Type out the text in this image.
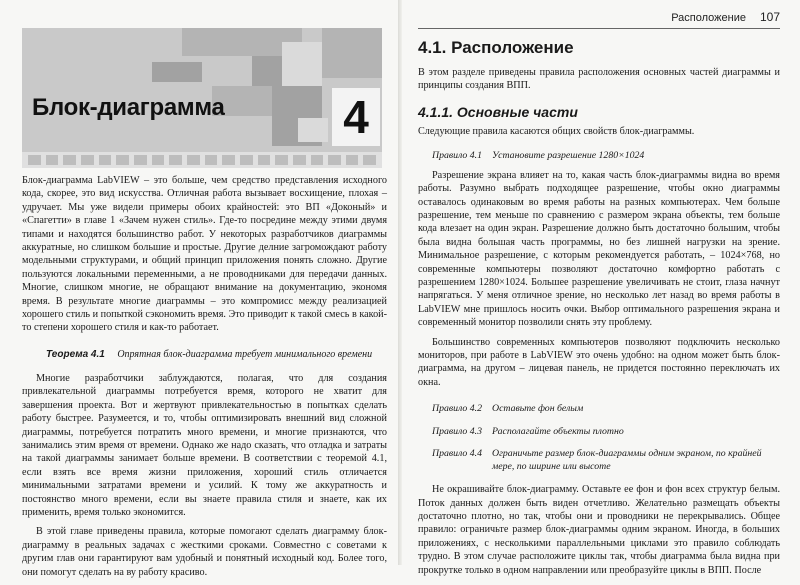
Блок-диаграмма	4

Блок-диаграмма LabVIEW – это больше, чем средство представления исходного кода, скорее, это вид искусства. Отличная работа вызывает восхищение, плохая – удручает. Мы уже видели примеры обоих крайностей: это ВП «Доконый» и «Спагетти» в главе 1 «Зачем нужен стиль». Где-то посредине между этими двумя типами и находятся большинство работ. У некоторых разработчиков диаграммы аккуратные, но слишком большие и простые. Другие делние загромождают работу модельными структурами, и общий принцип приложения понять сложно. Другие пользуются локальными переменными, а не проводниками для передачи данных. Многие, слишком многие, не обращают внимание на документацию, экономя время. В результате многие диаграммы – это компромисс между реализацией хорошего стиль и попыткой сэкономить время. Это приводит к такой смесь в какой-то степени хорошего стиля и как-то работает.

Теорема 4.1 Опрятная блок-диаграмма требует минимального времени

Многие разработчики заблуждаются, полагая, что для создания привлекательной диаграммы потребуется время, которого не хватит для завершения проекта. Вот и жертвуют привлекательностью в попытках сделать работу быстрее. Разумеется, и то, чтобы оптимизировать внешний вид сложной диаграммы, потребуется потратить много времени, и многие признаются, что занимались этим время от времени. Однако же надо сказать, что отладка и затраты на такой диаграммы занимает больше времени. В соответствии с теоремой 4.1, если взять все время жизни приложения, хороший стиль отличается минимальными затратами времени и усилий. К тому же аккуратность и постоянство много времени, если вы знаете правила стиля и знаете, как их применить, время только экономится.

В этой главе приведены правила, которые помогают сделать диаграмму блок-диаграмму в реальных задачах с жесткими сроками. Совместно с советами к другим глав они гарантируют вам удобный и понятный исходный код. Более того, они помогут сделать на ву работу красиво.

Расположение 107
4.1. Расположение

В этом разделе приведены правила расположения основных частей диаграммы и принципы создания ВПП.

Следующие правила касаются общих свойств блок-диаграммы.

Правило 4.1	Установите разрешение 1280×1024

Разрешение экрана влияет на то, какая часть блок-диаграммы видна во время работы. Разумно выбрать подходящее разрешение, чтобы окно диаграммы оставалось одинаковым во время работы на разных компьютерах. Чем больше разрешение, тем меньше по сравнению с размером экрана объекты, тем больше кода влезает на один экран. Разрешение должно быть достаточно большим, чтобы была видна большая часть программы, но без лишней нагрузки на зрение. Минимальное разрешение, с которым рекомендуется работать, – 1024×768, но современные компьютеры позволяют достаточно комфортно работать с разрешением 1280×1024. Большее разрешение увеличивать не стоит, глаза начнут напрягаться. У меня отличное зрение, но несколько лет назад во время работы в LabVIEW мне пришлось носить очки. Выбор оптимального разрешения экрана и современный монитор позволили снять эту проблему.

Большинство современных компьютеров позволяют подключить несколько мониторов, при работе в LabVIEW это очень удобно: на одном может быть блок-диаграмма, на другом – лицевая панель, не придется постоянно переключать их окна.

Правило 4.2	Оставьте фон белым
Правило 4.3	Располагайте объекты плотно
Правило 4.4	Ограничьте размер блок-диаграммы одним экраном, по крайней мере, по ширине или высоте

Не окрашивайте блок-диаграмму. Оставьте ее фон и фон всех структур белым. Поток данных должен быть виден отчетливо. Желательно размещать объекты достаточно плотно, но так, чтобы они и проводники не перекрывались. Общее правило: ограничьте размер блок-диаграммы одним экраном. Иногда, в больших приложениях, с несколькими параллельными циклами это правило соблюдать трудно. В этом случае расположите циклы так, чтобы диаграмма была видна при прокрутке только в одном направлении или преобразуйте циклы в ВПП. После

4.1.1. Основные части
